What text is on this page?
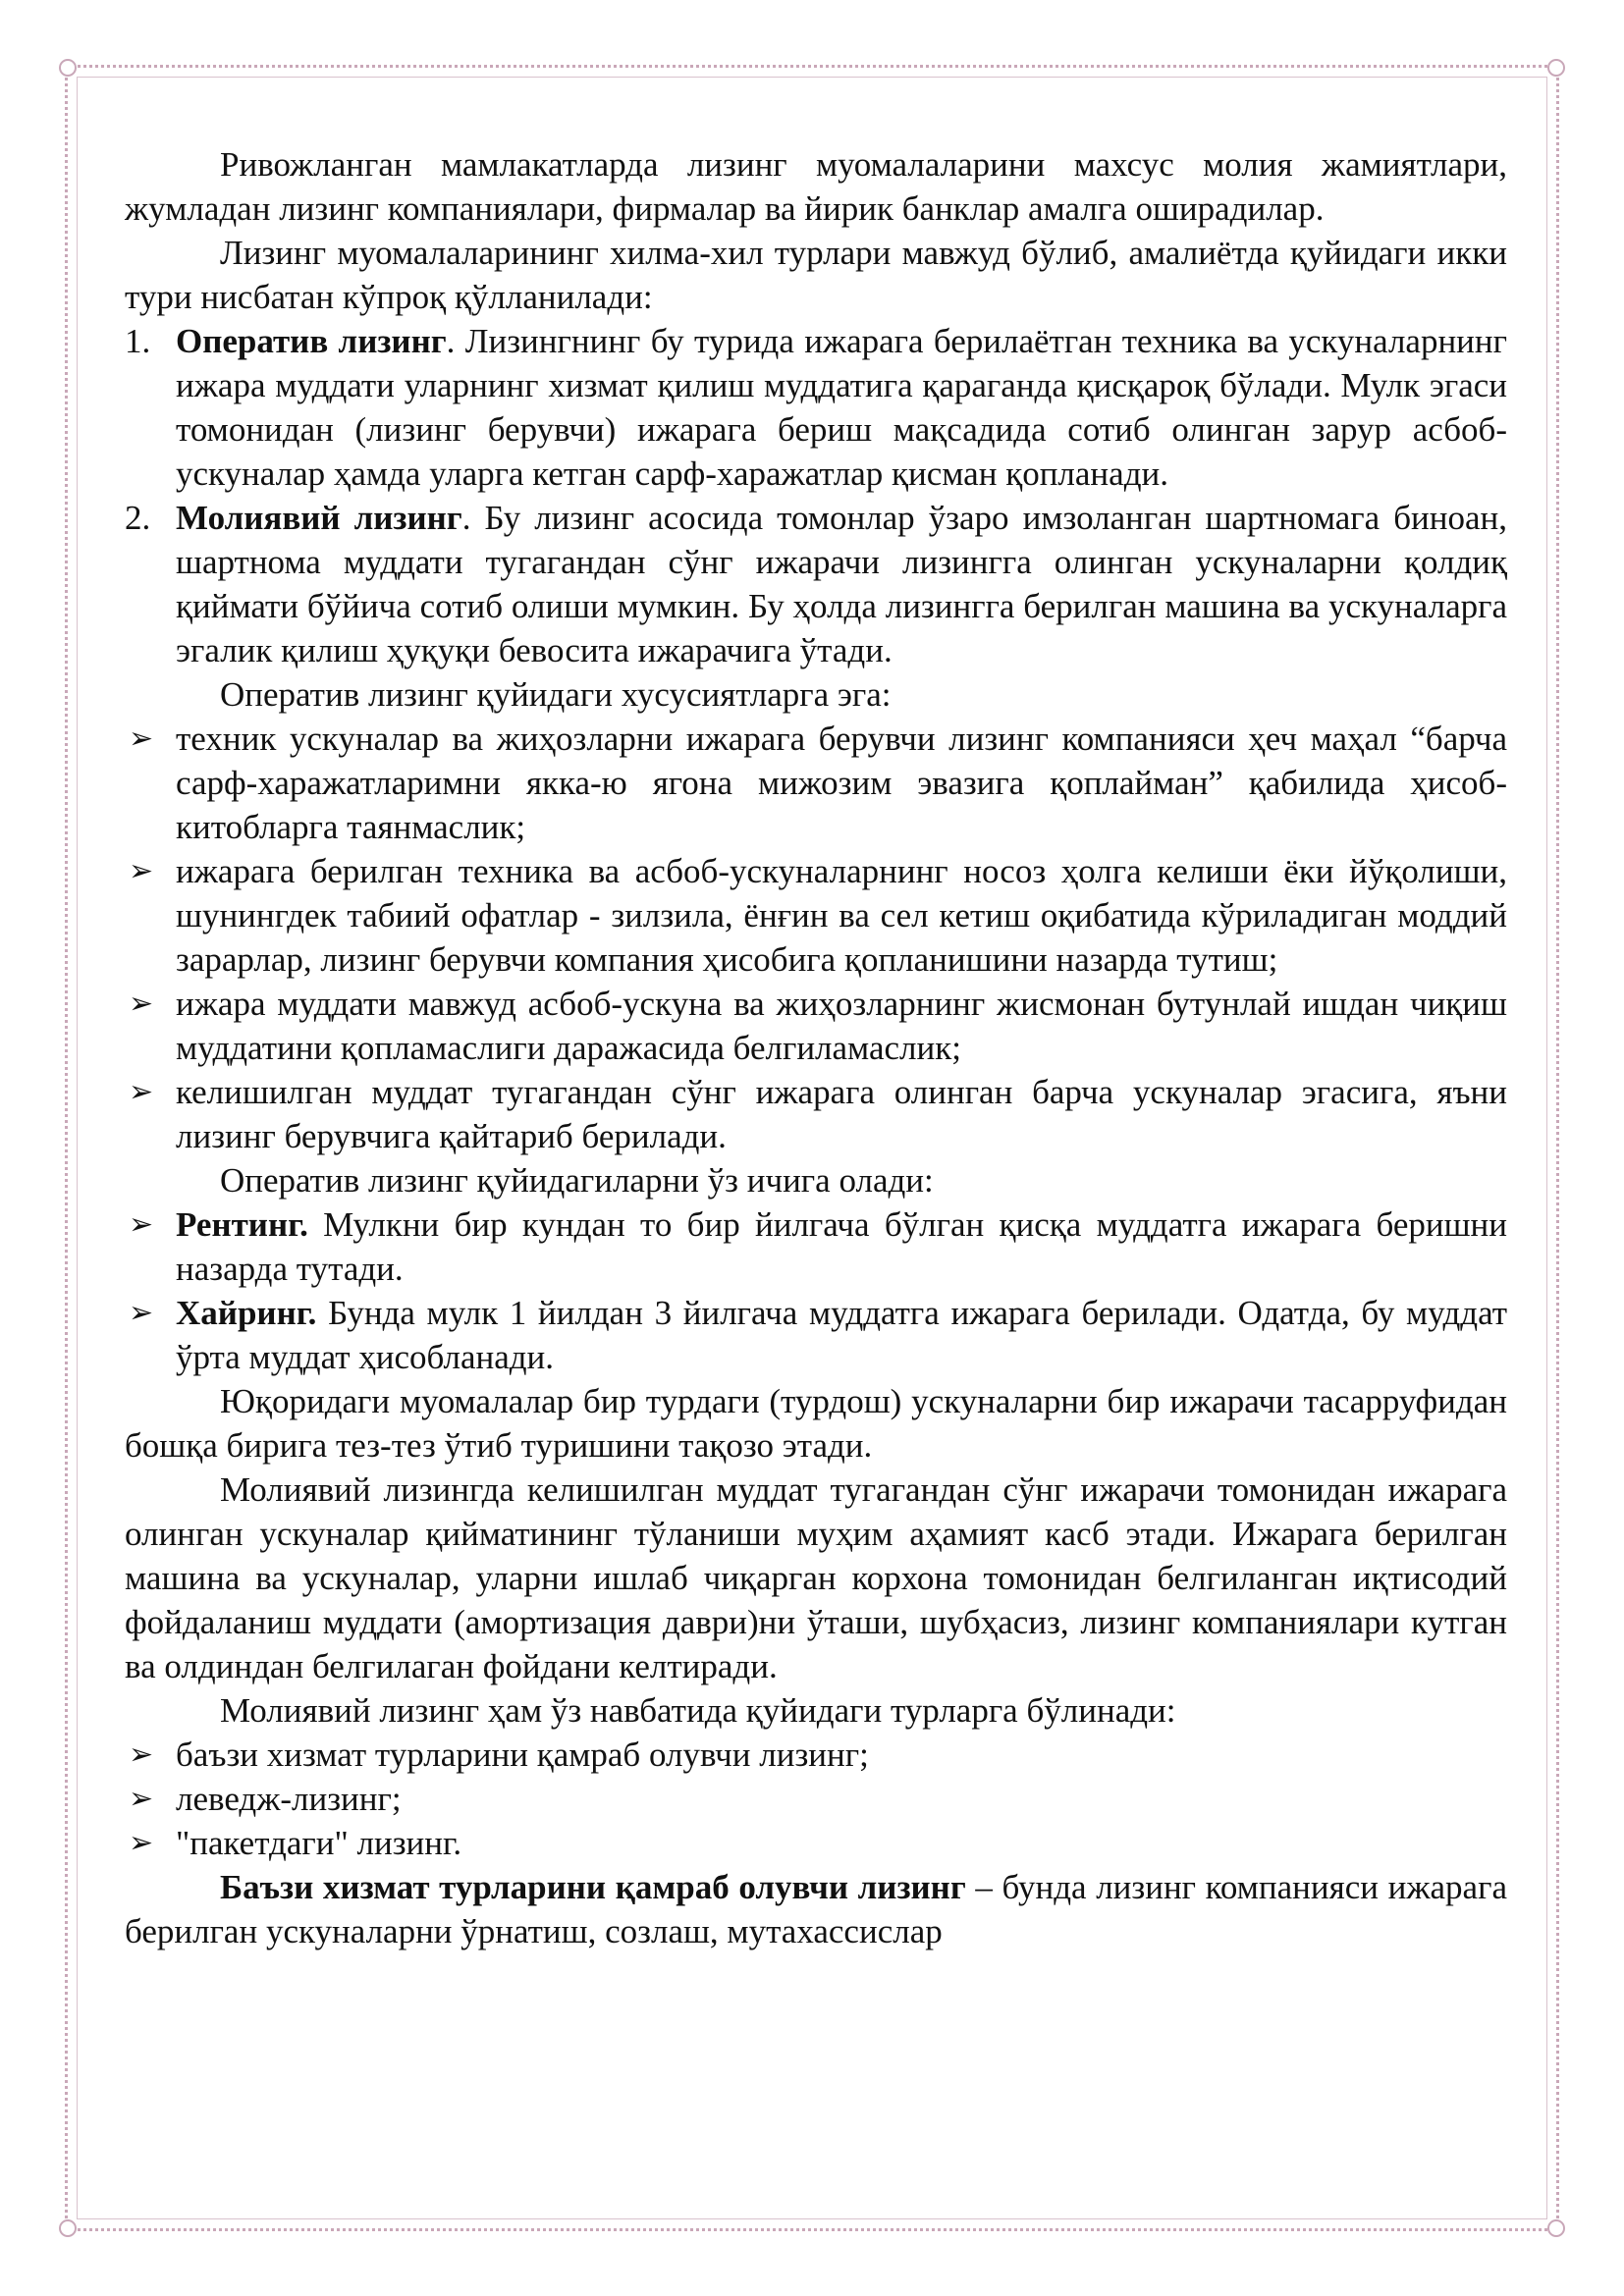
Ривожланган мамлакатларда лизинг муомалаларини махсус молия жамиятлари, жумладан лизинг компаниялари, фирмалар ва йирик банклар амалга оширадилар.

Лизинг муомалаларининг хилма-хил турлари мавжуд бўлиб, амалиётда қуйидаги икки тури нисбатан кўпроқ қўлланилади:

1. Оператив лизинг. Лизингнинг бу турида ижарага берилаётган техника ва ускуналарнинг ижара муддати уларнинг хизмат қилиш муддатига қараганда қисқароқ бўлади. Мулк эгаси томонидан (лизинг берувчи) ижарага бериш мақсадида сотиб олинган зарур асбоб-ускуналар ҳамда уларга кетган сарф-харажатлар қисман қопланади.
2. Молиявий лизинг. Бу лизинг асосида томонлар ўзаро имзоланган шартномага биноан, шартнома муддати тугагандан сўнг ижарачи лизингга олинган ускуналарни қолдиқ қиймати бўйича сотиб олиши мумкин. Бу ҳолда лизингга берилган машина ва ускуналарга эгалик қилиш ҳуқуқи бевосита ижарачига ўтади.

Оператив лизинг қуйидаги хусусиятларга эга:

➢ техник ускуналар ва жиҳозларни ижарага берувчи лизинг компанияси ҳеч маҳал “барча сарф-харажатларимни якка-ю ягона мижозим эвазига қоплайман” қабилида ҳисоб-китобларга таянмаслик;
➢ ижарага берилган техника ва асбоб-ускуналарнинг носоз ҳолга келиши ёки йўқолиши, шунингдек табиий офатлар - зилзила, ёнғин ва сел кетиш оқибатида кўриладиган моддий зарарлар, лизинг берувчи компания ҳисобига қопланишини назарда тутиш;
➢ ижара муддати мавжуд асбоб-ускуна ва жиҳозларнинг жисмонан бутунлай ишдан чиқиш муддатини қопламаслиги даражасида белгиламаслик;
➢ келишилган муддат тугагандан сўнг ижарага олинган барча ускуналар эгасига, яъни лизинг берувчига қайтариб берилади.

Оператив лизинг қуйидагиларни ўз ичига олади:

➢ Рентинг. Мулкни бир кундан то бир йилгача бўлган қисқа муддатга ижарага беришни назарда тутади.
➢ Хайринг. Бунда мулк 1 йилдан 3 йилгача муддатга ижарага берилади. Одатда, бу муддат ўрта муддат ҳисобланади.

Юқоридаги муомалалар бир турдаги (турдош) ускуналарни бир ижарачи тасарруфидан бошқа бирига тез-тез ўтиб туришини тақозо этади.

Молиявий лизингда келишилган муддат тугагандан сўнг ижарачи томонидан ижарага олинган ускуналар қийматининг тўланиши муҳим аҳамият касб этади. Ижарага берилган машина ва ускуналар, уларни ишлаб чиқарган корхона томонидан белгиланган иқтисодий фойдаланиш муддати (амортизация даври)ни ўташи, шубҳасиз, лизинг компаниялари кутган ва олдиндан белгилаган фойдани келтиради.

Молиявий лизинг ҳам ўз навбатида қуйидаги турларга бўлинади:

➢ баъзи хизмат турларини қамраб олувчи лизинг;
➢ леведж-лизинг;
➢ "пакетдаги" лизинг.

Баъзи хизмат турларини қамраб олувчи лизинг – бунда лизинг компанияси ижарага берилган ускуналарни ўрнатиш, созлаш, мутахассислар
